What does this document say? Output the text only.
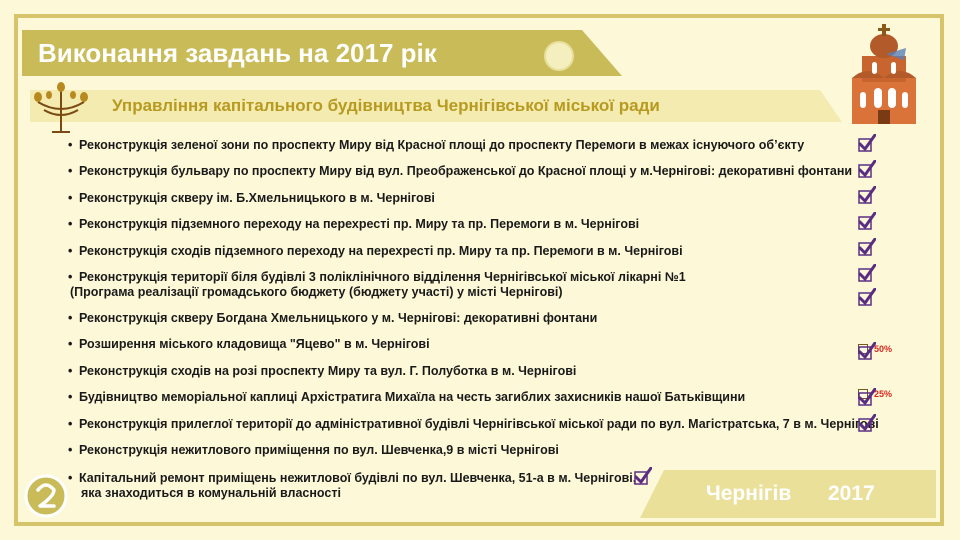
Виконання завдань на 2017 рік
Управління капітального будівництва Чернігівської міської ради
• Реконструкція зеленої зони по проспекту Миру від Красної площі до проспекту Перемоги в межах існуючого об’єкту
• Реконструкція бульвару по проспекту Миру від вул. Преображенської до Красної площі у м.Чернігові: декоративні фонтани
• Реконструкція скверу ім. Б.Хмельницького в м. Чернігові
• Реконструкція підземного переходу на перехресті пр. Миру та пр. Перемоги в м. Чернігові
• Реконструкція сходів підземного переходу на перехресті пр. Миру та пр. Перемоги в м. Чернігові
• Реконструкція території біля будівлі 3 поліклінічного відділення Чернігівської міської лікарні №1
(Програма реалізації громадського бюджету (бюджету участі) у місті Чернігові)
• Реконструкція скверу Богдана Хмельницького у м. Чернігові: декоративні фонтани
• Розширення міського кладовища "Яцево" в м. Чернігові	50%
• Реконструкція сходів на розі проспекту Миру та вул. Г. Полуботка в м. Чернігові
• Будівництво меморіальної каплиці Архістратига Михаїла на честь загиблих захисників нашої Батьківщини	25%
• Реконструкція прилеглої території до адміністративної будівлі Чернігівської міської ради по вул. Магістратська, 7 в м. Чернігові
• Реконструкція нежитлового приміщення по вул. Шевченка,9 в місті Чернігові
• Капітальний ремонт приміщень нежитлової будівлі по вул. Шевченка, 51-а в м. Чернігові,
яка знаходиться в комунальній власності	Чернігів 2017
